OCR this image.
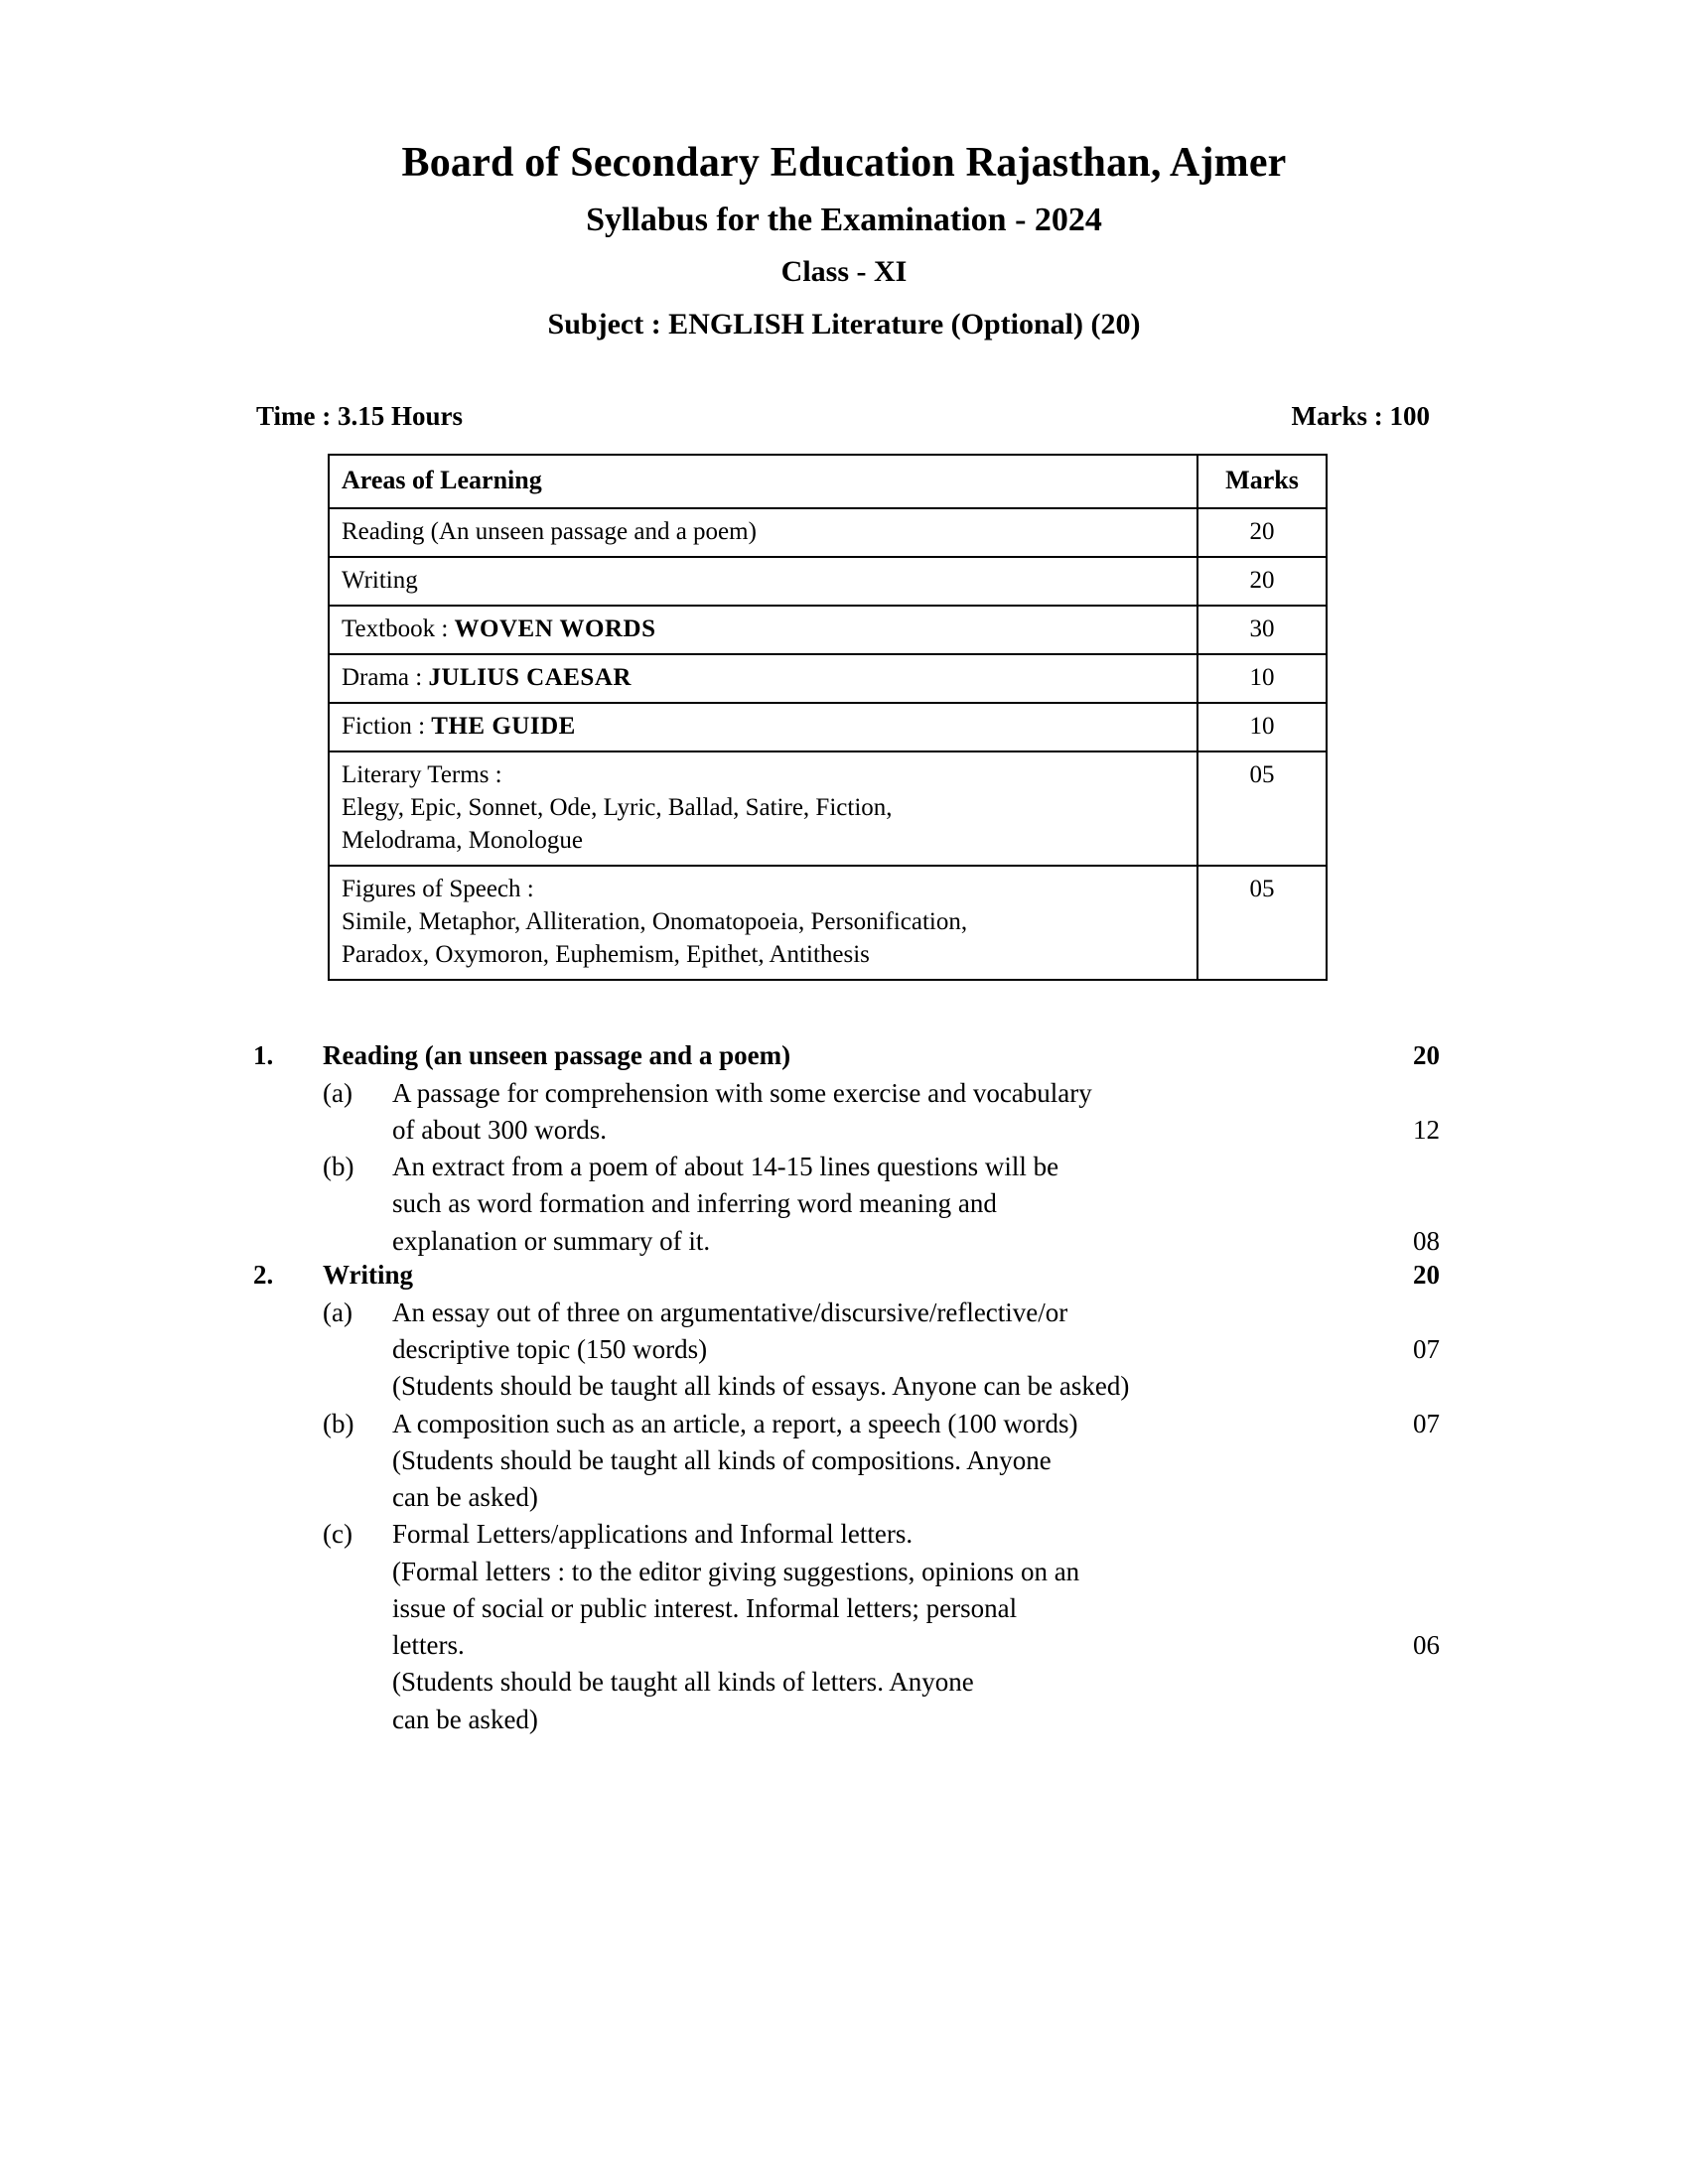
Board of Secondary Education Rajasthan, Ajmer
Syllabus for the Examination - 2024
Class - XI
Subject : ENGLISH Literature (Optional) (20)
Time : 3.15 Hours	Marks : 100
Areas of Learning	Marks

Reading (An unseen passage and a poem)	20

Writing	20
Textbook : WOVEN WORDS	30
Drama : JULIUS CAESAR	10
Fiction : THE GUIDE	10

Literary Terms :
Elegy, Epic, Sonnet, Ode, Lyric, Ballad, Satire, Fiction,
Melodrama, Monologue	05

Figures of Speech :
Simile, Metaphor, Alliteration, Onomatopoeia, Personification,
Paradox, Oxymoron, Euphemism, Epithet, Antithesis	05
1.	Reading (an unseen passage and a poem)	20
(a)	A passage for comprehension with some exercise and vocabulary
of about 300 words.	12
(b)	An extract from a poem of about 14-15 lines questions will be
such as word formation and inferring word meaning and
explanation or summary of it.	08
2.	Writing	20
(a)	An essay out of three on argumentative/discursive/reflective/or
descriptive topic (150 words)	07
(Students should be taught all kinds of essays. Anyone can be asked)
(b)	A composition such as an article, a report, a speech (100 words)	07
(Students should be taught all kinds of compositions. Anyone
can be asked)
(c)	Formal Letters/applications and Informal letters.
(Formal letters : to the editor giving suggestions, opinions on an
issue of social or public interest. Informal letters; personal
letters.	06
(Students should be taught all kinds of letters. Anyone
can be asked)
